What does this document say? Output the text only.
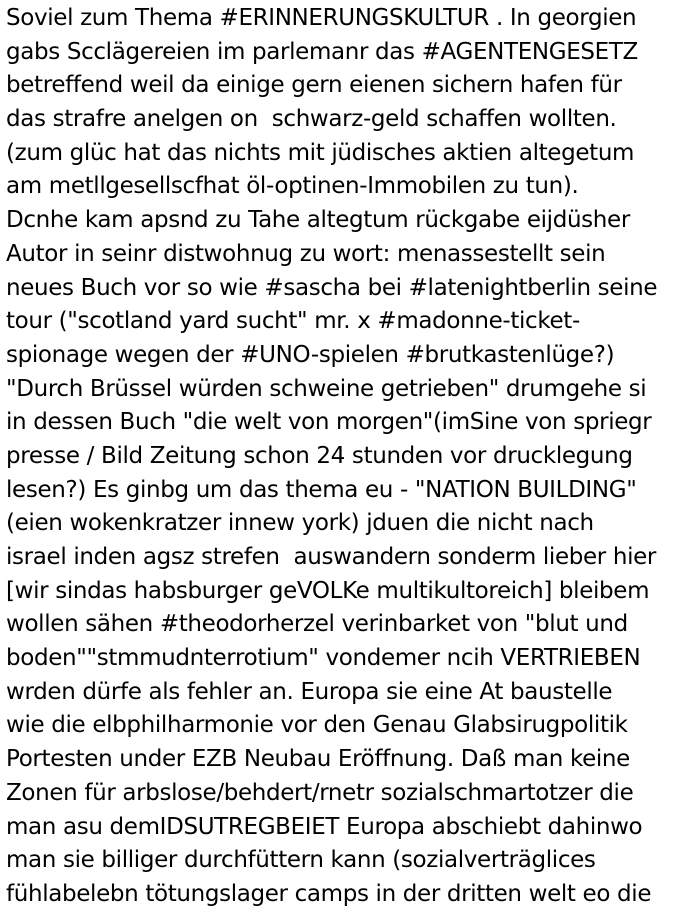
Soviel zum Thema #ERINNERUNGSKULTUR . In georgien
gabs Scclägereien im parlemanr das #AGENTENGESETZ
betreffend weil da einige gern eienen sichern hafen für
das strafre anelgen on  schwarz-geld schaffen wollten.
(zum glüc hat das nichts mit jüdisches aktien altegetum
am metllgesellscfhat öl-optinen-Immobilen zu tun).
Dcnhe kam apsnd zu Tahe altegtum rückgabe eijdüsher
Autor in seinr distwohnug zu wort: menassestellt sein
neues Buch vor so wie #sascha bei #latenightberlin seine
tour ("scotland yard sucht" mr. x #madonne-ticket-
spionage wegen der #UNO-spielen #brutkastenlüge?)
"Durch Brüssel würden schweine getrieben" drumgehe si
in dessen Buch "die welt von morgen"(imSine von spriegr
presse / Bild Zeitung schon 24 stunden vor drucklegung
lesen?) Es ginbg um das thema eu - "NATION BUILDING"
(eien wokenkratzer innew york) jduen die nicht nach
israel inden agsz strefen  auswandern sonderm lieber hier
[wir sindas habsburger geVOLKe multikultoreich] bleibem
wollen sähen #theodorherzel verinbarket von "blut und
boden""stmmudnterrotium" vondemer ncih VERTRIEBEN
wrden dürfe als fehler an. Europa sie eine At baustelle
wie die elbphilharmonie vor den Genau Glabsirugpolitik
Portesten under EZB Neubau Eröffnung. Daß man keine
Zonen für arbslose/behdert/rnetr sozialschmartotzer die
man asu demIDSUTREGBEIET Europa abschiebt dahinwo
man sie billiger durchfüttern kann (sozialverträglices
fühlabelebn tötungslager camps in der dritten welt eo die
